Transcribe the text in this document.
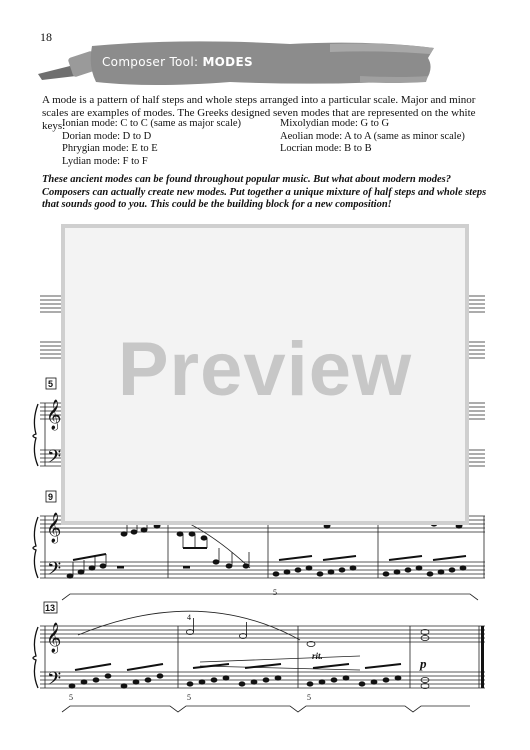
18
Composer Tool: MODES
A mode is a pattern of half steps and whole steps arranged into a particular scale. Major and minor scales are examples of modes. The Greeks designed seven modes that are represented on the white keys:
Ionian mode: C to C (same as major scale)	Mixolydian mode: G to G
Dorian mode: D to D	Aeolian mode: A to A (same as minor scale)
Phrygian mode: E to E	Locrian mode: B to B
Lydian mode: F to F
These ancient modes can be found throughout popular music. But what about modern modes? Composers can actually create new modes. Put together a unique mixture of half steps and whole steps that sounds good to you. This could be the building block for a new composition!
𝄞
𝄢
𝄞
𝄢
𝄞
𝄢
5
9
13
5
4
5	5	5
rit.	p
Preview
